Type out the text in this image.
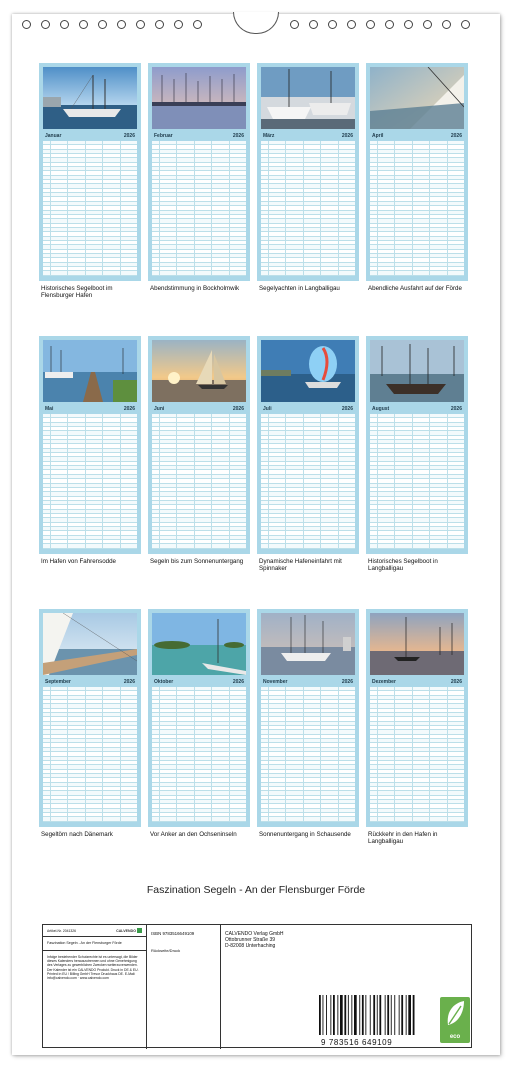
Januar	2026
Historisches Segelboot im Flensburger Hafen
Februar	2026
Abendstimmung in Bockholmwik
März	2026
Segelyachten in Langballigau
April	2026
Abendliche Ausfahrt auf der Förde
Mai	2026
Im Hafen von Fahrensodde
Juni	2026
Segeln bis zum Sonnenuntergang
Juli	2026
Dynamische Hafeneinfahrt mit Spinnaker
August	2026
Historisches Segelboot in Langballigau
September	2026
Segeltörn nach Dänemark
Oktober	2026
Vor Anker an den Ochseninseln
November	2026
Sonnenuntergang in Schausende
Dezember	2026
Rückkehr in den Hafen in Langballigau
Faszination Segeln - An der Flensburger Förde
Artikel-Nr. 2041326	CALVENDO
Faszination Segeln - An der Flensburger Förde
Infolge bestehender Schutzrechte ist es untersagt, die Bilder dieses Kalenders herauszutrennen und ohne Genehmigung des Verlages zu gewerblichen Zwecken weiterzuverwenden. Der Kalender ist ein CALVENDO Produkt. Druck in DE & EU. Printed in EU / Billing GmbH Tresor Druckhaus DE. E-Mail: info@calvendo.com · www.calvendo.com
ISBN 9783516649109
Rückseite/Druck
CALVENDO Verlag GmbH
Ottobrunner Straße 39
D-82008 Unterhaching
9 783516 649109
eco
